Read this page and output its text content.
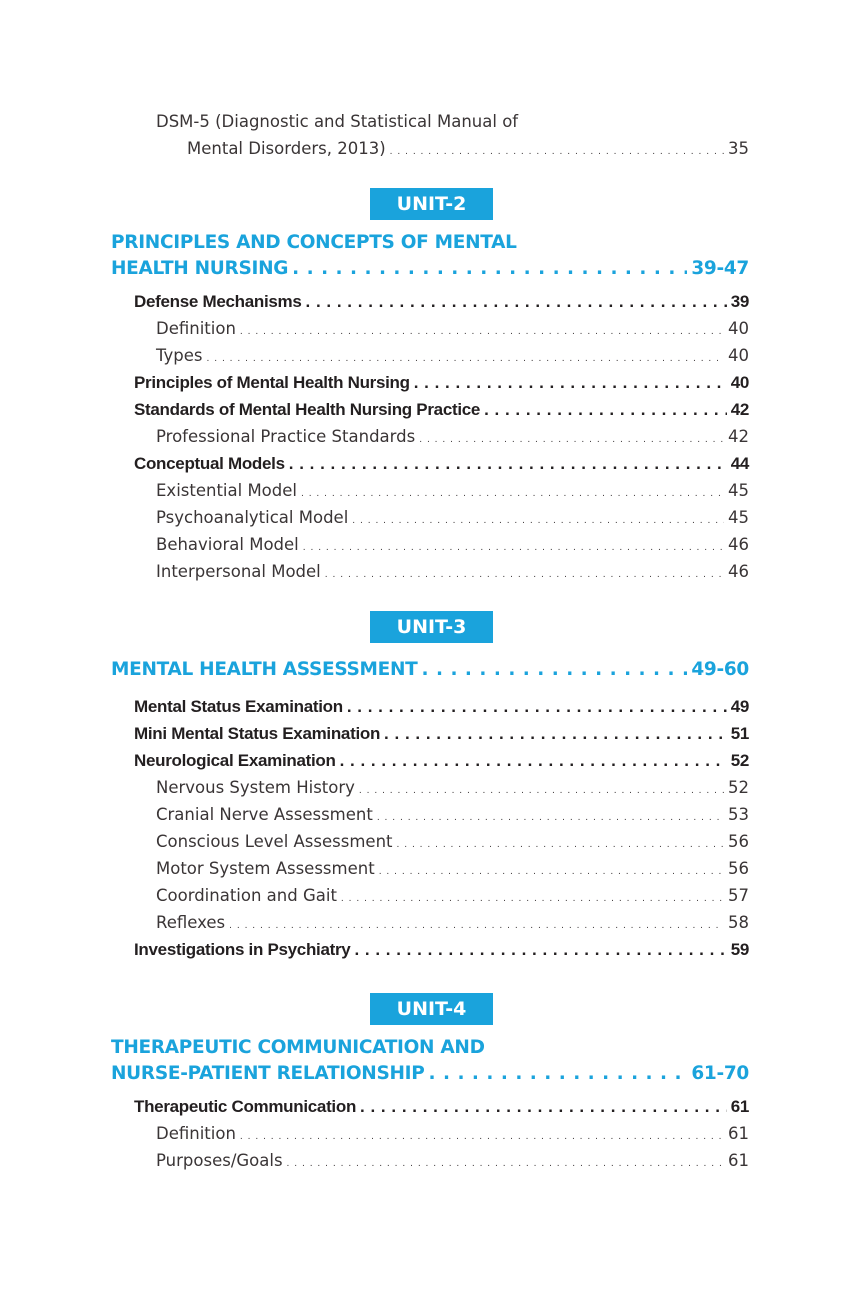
DSM-5 (Diagnostic and Statistical Manual of
Mental Disorders, 2013) . . .	35
UNIT-2
PRINCIPLES AND CONCEPTS OF MENTAL
HEALTH NURSING . . .	39-47
Defense Mechanisms . . .	39
Definition . . .	40
Types . . .	40
Principles of Mental Health Nursing . . .	40
Standards of Mental Health Nursing Practice . . .	42
Professional Practice Standards . . .	42
Conceptual Models . . .	44
Existential Model . . .	45
Psychoanalytical Model . . .	45
Behavioral Model . . .	46
Interpersonal Model . . .	46
UNIT-3
MENTAL HEALTH ASSESSMENT . . .	49-60
Mental Status Examination . . .	49
Mini Mental Status Examination . . .	51
Neurological Examination . . .	52
Nervous System History . . .	52
Cranial Nerve Assessment . . .	53
Conscious Level Assessment . . .	56
Motor System Assessment . . .	56
Coordination and Gait . . .	57
Reflexes . . .	58
Investigations in Psychiatry . . .	59
UNIT-4
THERAPEUTIC COMMUNICATION AND
NURSE-PATIENT RELATIONSHIP . . .	61-70
Therapeutic Communication . . .	61
Definition . . .	61
Purposes/Goals . . .	61
